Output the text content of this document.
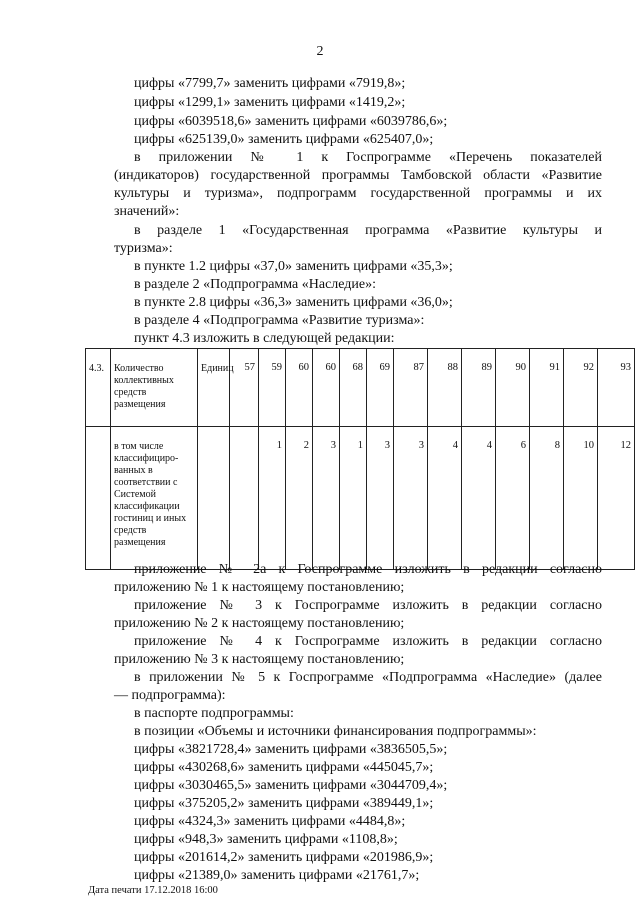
2
цифры «7799,7» заменить цифрами «7919,8»;
цифры «1299,1» заменить цифрами «1419,2»;
цифры «6039518,6» заменить цифрами «6039786,6»;
цифры «625139,0» заменить цифрами «625407,0»;
в приложении № 1 к Госпрограмме «Перечень показателей
(индикаторов) государственной программы Тамбовской области «Развитие
культуры и туризма», подпрограмм государственной программы и их
значений»:
в разделе 1 «Государственная программа «Развитие культуры и
туризма»:
в пункте 1.2 цифры «37,0» заменить цифрами «35,3»;
в разделе 2 «Подпрограмма «Наследие»:
в пункте 2.8 цифры «36,3» заменить цифрами «36,0»;
в разделе 4 «Подпрограмма «Развитие туризма»:
пункт 4.3 изложить в следующей редакции:
4.3.	Количество коллективных средств размещения	Единиц	57	59	60	60	68	69	87	88	89	90	91	92	93
	в том числе классифициро-ванных в соответствии с Системой классификации гостиниц и иных средств размещения			1	2	3	1	3	3	4	4	6	8	10	12
приложение № 2а к Госпрограмме изложить в редакции согласно
приложению № 1 к настоящему постановлению;
приложение № 3 к Госпрограмме изложить в редакции согласно
приложению № 2 к настоящему постановлению;
приложение № 4 к Госпрограмме изложить в редакции согласно
приложению № 3 к настоящему постановлению;
в приложении № 5 к Госпрограмме «Подпрограмма «Наследие» (далее
— подпрограмма):
в паспорте подпрограммы:
в позиции «Объемы и источники финансирования подпрограммы»:
цифры «3821728,4» заменить цифрами «3836505,5»;
цифры «430268,6» заменить цифрами «445045,7»;
цифры «3030465,5» заменить цифрами «3044709,4»;
цифры «375205,2» заменить цифрами «389449,1»;
цифры «4324,3» заменить цифрами «4484,8»;
цифры «948,3» заменить цифрами «1108,8»;
цифры «201614,2» заменить цифрами «201986,9»;
цифры «21389,0» заменить цифрами «21761,7»;
Дата печати 17.12.2018 16:00
